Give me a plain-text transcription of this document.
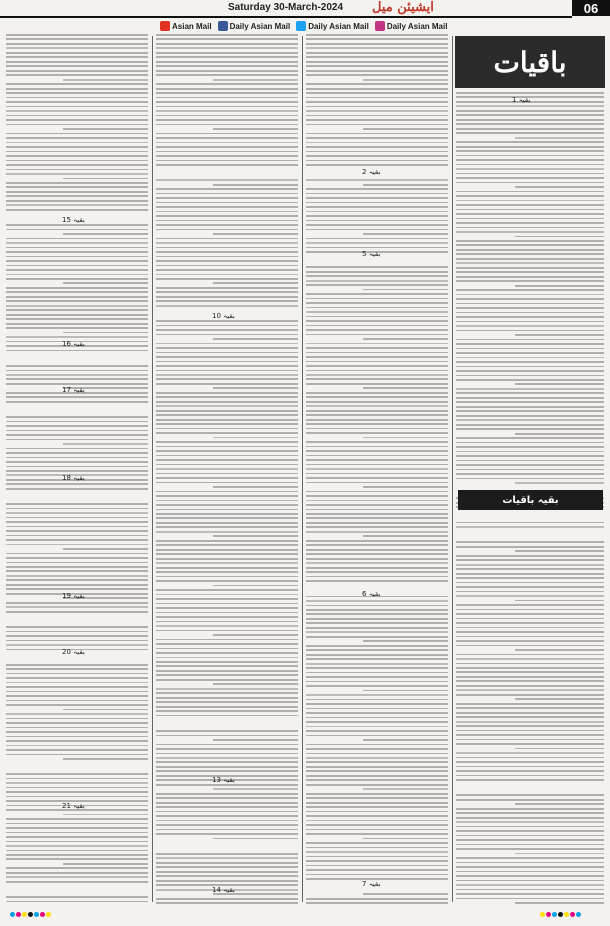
Saturday 30-March-2024 ایشیئن میل	06
Asian Mail Daily Asian Mail Daily Asian Mail Daily Asian Mail
باقیات
بقیہ باقیات
بقیہ 1
بقیہ 2
بقیہ 5
بقیہ 6
بقیہ 7
بقیہ 10
بقیہ 13
بقیہ 14
بقیہ 15
بقیہ 16
بقیہ 17
بقیہ 18
بقیہ 19
بقیہ 20
بقیہ 21
